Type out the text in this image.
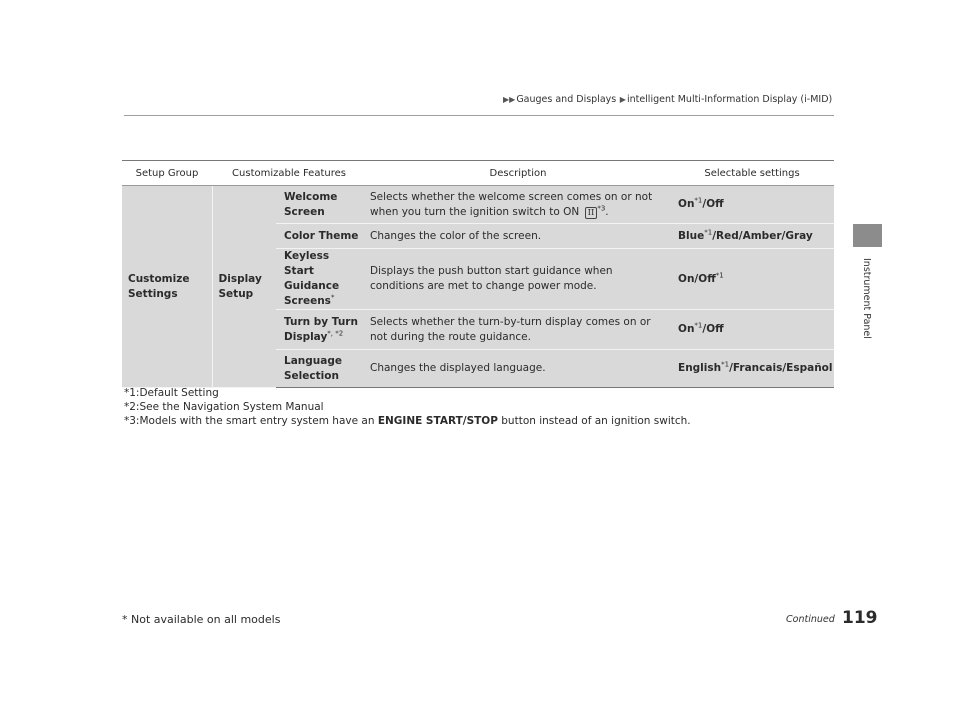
▶▶Gauges and Displays ▶intelligent Multi-Information Display (i-MID)
Instrument Panel
Setup Group	Customizable Features		Description	Selectable settings
Customize Settings	Display Setup	Welcome Screen	Selects whether the welcome screen comes on or not when you turn the ignition switch to ON II $^{*3}$.	On$^{*1}$/Off
		Color Theme	Changes the color of the screen.	Blue$^{*1}$/Red/Amber/Gray
		Keyless Start Guidance Screens*	Displays the push button start guidance when conditions are met to change power mode.	On/Off$^{*1}$
		Turn by Turn Display$^{*, *2}$	Selects whether the turn-by-turn display comes on or not during the route guidance.	On$^{*1}$/Off
		Language Selection	Changes the displayed language.	English$^{*1}$/Francais/Español
*1:Default Setting
*2:See the Navigation System Manual
*3:Models with the smart entry system have an ENGINE START/STOP button instead of an ignition switch.
* Not available on all models	Continued 119
